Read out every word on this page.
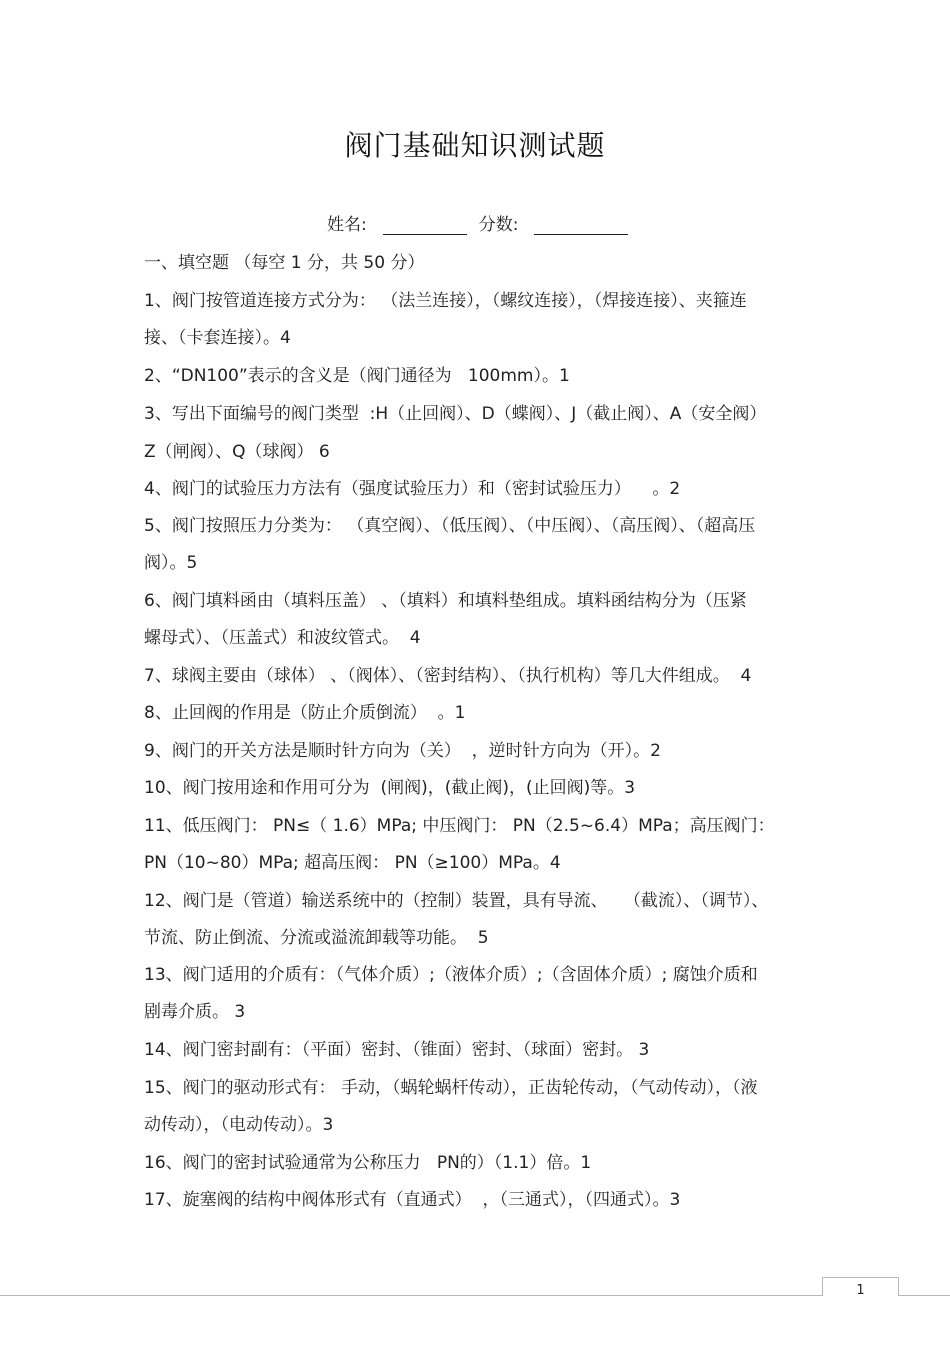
阀门基础知识测试题
姓名:	分数:
一、填空题 （每空 1 分，共 50 分）
1、阀门按管道连接方式分为： （法兰连接），（螺纹连接），（焊接连接）、夹箍连
接、（卡套连接）。4
2、“DN100”表示的含义是（阀门通径为   100mm）。1
3、写出下面编号的阀门类型  :H（止回阀）、D（蝶阀）、J（截止阀）、A（安全阀）
Z（闸阀）、Q（球阀） 6
4、阀门的试验压力方法有（强度试验压力）和（密封试验压力）    。2
5、阀门按照压力分类为： （真空阀）、（低压阀）、（中压阀）、（高压阀）、（超高压
阀）。5
6、阀门填料函由（填料压盖） 、（填料）和填料垫组成。填料函结构分为（压紧
螺母式）、（压盖式）和波纹管式。  4
7、球阀主要由（球体） 、（阀体）、（密封结构）、（执行机构）等几大件组成。  4
8、止回阀的作用是（防止介质倒流）  。1
9、阀门的开关方法是顺时针方向为（关）  ，逆时针方向为（开）。2
10、阀门按用途和作用可分为  (闸阀)，(截止阀)，(止回阀)等。3
11、低压阀门： PN≤（ 1.6）MPa; 中压阀门： PN（2.5~6.4）MPa；高压阀门：
PN（10~80）MPa; 超高压阀： PN（≥100）MPa。4
12、阀门是（管道）输送系统中的（控制）装置，具有导流、   （截流）、（调节）、
节流、防止倒流、分流或溢流卸载等功能。  5
13、阀门适用的介质有：（气体介质）;（液体介质）;（含固体介质）; 腐蚀介质和
剧毒介质。 3
14、阀门密封副有：（平面）密封、（锥面）密封、（球面）密封。 3
15、阀门的驱动形式有： 手动，（蜗轮蜗杆传动），正齿轮传动，（气动传动），（液
动传动），（电动传动）。3
16、阀门的密封试验通常为公称压力   PN的）（1.1）倍。1
17、旋塞阀的结构中阀体形式有（直通式）  ，（三通式），（四通式）。3
1
